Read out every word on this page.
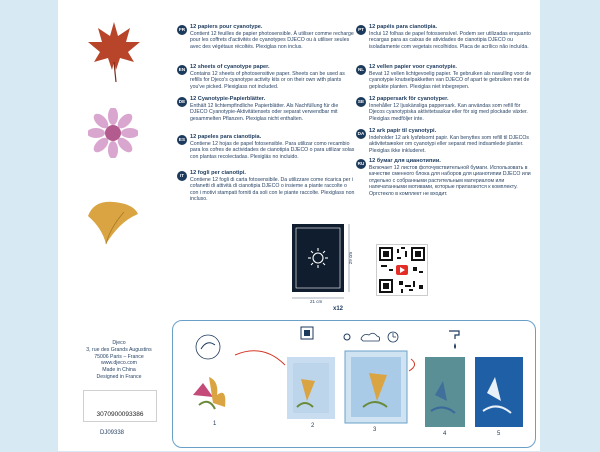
FR 12 papiers pour cyanotype.
Contient 12 feuilles de papier photosensible. À utiliser comme recharge pour les coffrets d'activités de cyanotypes DJECO ou à utiliser seules avec des végétaux récoltés. Plexiglas non inclus.
EN 12 sheets of cyanotype paper.
Contains 12 sheets of photosensitive paper. Sheets can be used as refills for Djeco's cyanotype activity kits or on their own with plants you've picked. Plexiglass not included.
DE 12 Cyanotypie-Papierblätter.
Enthält 12 lichtempfindliche Papierblätter. Als Nachfüllung für die DJECO Cyanotypie-Aktivitätensets oder separat verwendbar mit gesammelten Pflanzen. Plexiglas nicht enthalten.
ES 12 papeles para cianotipia.
Contiene 12 hojas de papel fotosensible. Para utilizar como recambio para los cofres de actividades de cianotipia DJECO o para utilizar solas con plantas recolectadas. Plexiglás no incluido.
IT	12 fogli per cianotipi.
Contiene 12 fogli di carta fotosensibile. Da utilizzare come ricarica per i cofanetti di attività di cianotipia DJECO o insieme a piante raccolte o con i motivi stampati forniti da soli con le piante raccolte. Plexiglass non incluso.
PT 12 papéis para cianotipia.
Inclui 12 folhas de papel fotossensível. Podem ser utilizadas enquanto recargas para as caixas de atividades de cianotipia DJECO ou isoladamente com vegetais recolhidos. Placa de acrílico não incluída.
NL 12 vellen papier voor cyanotypie.
Bevat 12 vellen lichtgevoelig papier. Te gebruiken als navulling voor de cyanotypie knutselpakketten van DJECO of apart te gebruiken met de geplukte planten. Plexiglas niet inbegrepen.
SE 12 pappersark för cyanotyper.
Innehåller 12 ljuskänsliga pappersark. Kan användas som refill för Djecos cyanotypiska aktivitetsaskar eller för sig med plockade växter. Plexiglas medföljer inte.
DA 12 ark papir til cyanotypi.
Indeholder 12 ark lysfølsomt papir. Kan benyttes som refill til DJECOs aktivitetsæsker om cyanotypi eller separat med indsamlede planter. Plexiglas ikke inkluderet.
RU 12 бумаг для цианотипии.
Включает 12 листов фоточувствительной бумаги. Использовать в качестве сменного блока для наборов для цианотипии DJECO или отдельно с собранными растительным материалом или напечатанными мотивами, которые прилагаются к комплекту. Оргстекло в комплект не входит.
21 cm
29 cm
x12
Djeco
3, rue des Grands Augustins
75006 Paris – France
www.djeco.com
Made in China
Designed in France
3070900093386
DJ09338
1	2
3
4	5
